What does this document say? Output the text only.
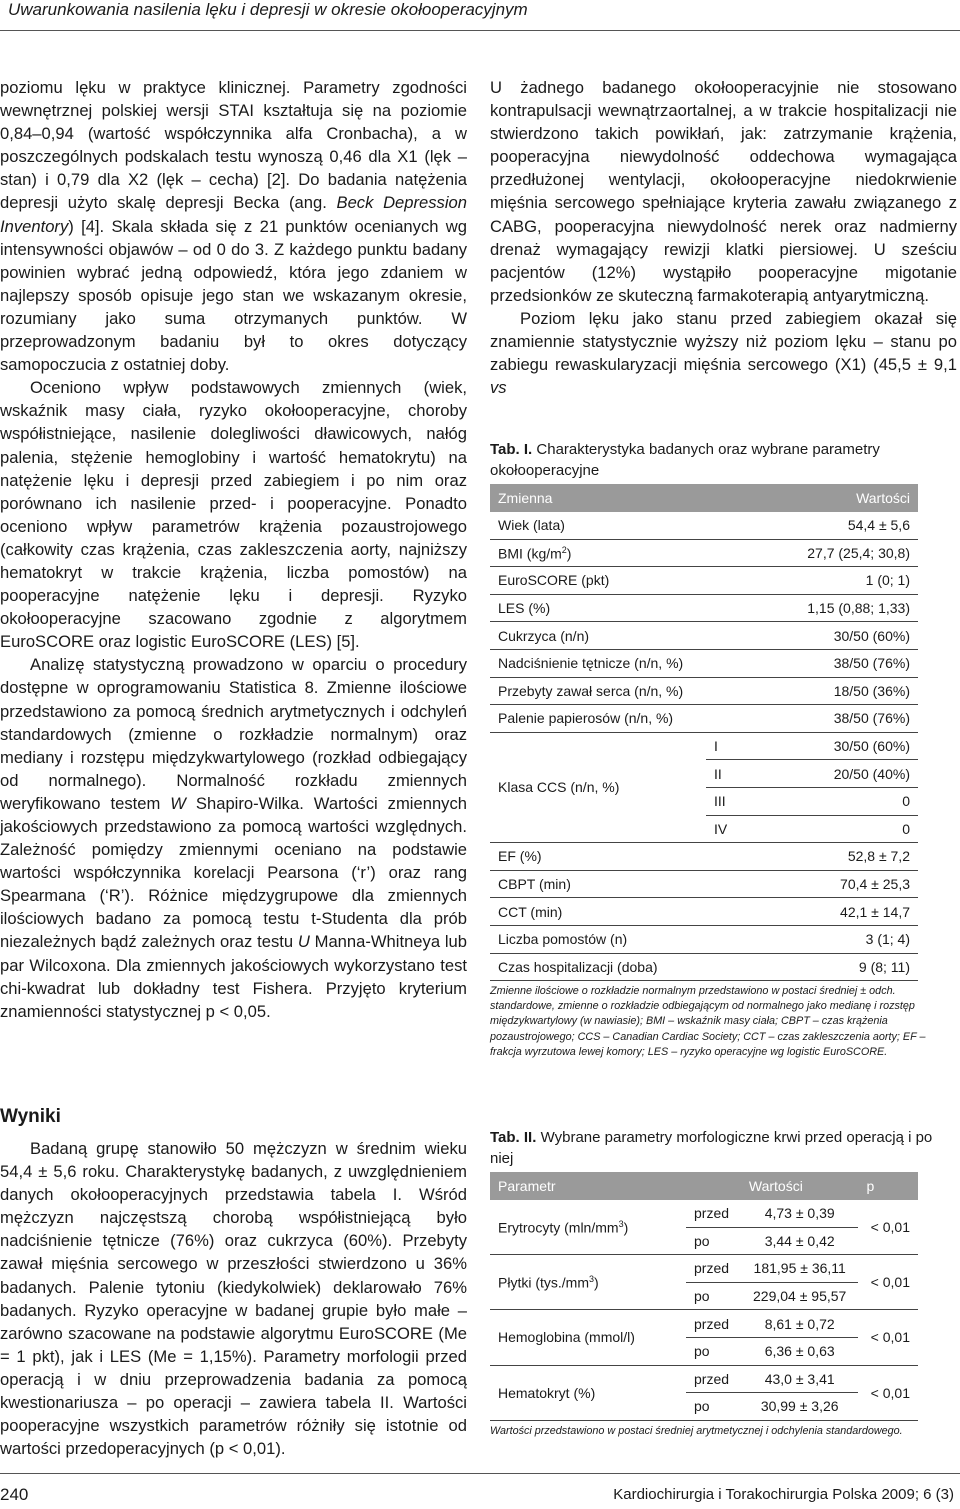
Uwarunkowania nasilenia lęku i depresji w okresie okołooperacyjnym

poziomu lęku w praktyce klinicznej. Parametry zgodności wewnętrznej polskiej wersji STAI kształtuja się na poziomie 0,84–0,94 (wartość współczynnika alfa Cronbacha), a w poszczególnych podskalach testu wynoszą 0,46 dla X1 (lęk – stan) i 0,79 dla X2 (lęk – cecha) [2]. Do badania natężenia depresji użyto skalę depresji Becka (ang. Beck Depression Inventory) [4]. Skala składa się z 21 punktów ocenianych wg intensywności objawów – od 0 do 3. Z każdego punktu badany powinien wybrać jedną odpowiedź, która jego zdaniem w najlepszy sposób opisuje jego stan we wskazanym okresie, rozumiany jako suma otrzymanych punktów. W przeprowadzonym badaniu był to okres dotyczący samopoczucia z ostatniej doby.

Oceniono wpływ podstawowych zmiennych (wiek, wskaźnik masy ciała, ryzyko okołooperacyjne, choroby współistniejące, nasilenie dolegliwości dławicowych, nałóg palenia, stężenie hemoglobiny i wartość hematokrytu) na natężenie lęku i depresji przed zabiegiem i po nim oraz porównano ich nasilenie przed- i pooperacyjne. Ponadto oceniono wpływ parametrów krążenia pozaustrojowego (całkowity czas krążenia, czas zakleszczenia aorty, najniższy hematokryt w trakcie krążenia, liczba pomostów) na pooperacyjne natężenie lęku i depresji. Ryzyko okołooperacyjne szacowano zgodnie z algorytmem EuroSCORE oraz logistic EuroSCORE (LES) [5].

Analizę statystyczną prowadzono w oparciu o procedury dostępne w oprogramowaniu Statistica 8. Zmienne ilościowe przedstawiono za pomocą średnich arytmetycznych i odchyleń standardowych (zmienne o rozkładzie normalnym) oraz mediany i rozstępu międzykwartylowego (rozkład odbiegający od normalnego). Normalność rozkładu zmiennych weryfikowano testem W Shapiro-Wilka. Wartości zmiennych jakościowych przedstawiono za pomocą wartości względnych. Zależność pomiędzy zmiennymi oceniano na podstawie wartości współczynnika korelacji Pearsona (‘r’) oraz rang Spearmana (‘R’). Różnice międzygrupowe dla zmiennych ilościowych badano za pomocą testu t-Studenta dla prób niezależnych bądź zależnych oraz testu U Manna-Whitneya lub par Wilcoxona. Dla zmiennych jakościowych wykorzystano test chi-kwadrat lub dokładny test Fishera. Przyjęto kryterium znamienności statystycznej p < 0,05.

Wyniki

Badaną grupę stanowiło 50 mężczyzn w średnim wieku 54,4 ± 5,6 roku. Charakterystykę badanych, z uwzględnieniem danych okołooperacyjnych przedstawia tabela I. Wśród mężczyzn najczęstszą chorobą współistniejącą było nadciśnienie tętnicze (76%) oraz cukrzyca (60%). Przebyty zawał mięśnia sercowego w przeszłości stwierdzono u 36% badanych. Palenie tytoniu (kiedykolwiek) deklarowało 76% badanych. Ryzyko operacyjne w badanej grupie było małe – zarówno szacowane na podstawie algorytmu EuroSCORE (Me = 1 pkt), jak i LES (Me = 1,15%). Parametry morfologii przed operacją i w dniu przeprowadzenia badania za pomocą kwestionariusza – po operacji – zawiera tabela II. Wartości pooperacyjne wszystkich parametrów różniły się istotnie od wartości przedoperacyjnych (p < 0,01).

U żadnego badanego okołooperacyjnie nie stosowano kontrapulsacji wewnątrzaortalnej, a w trakcie hospitalizacji nie stwierdzono takich powikłań, jak: zatrzymanie krążenia, pooperacyjna niewydolność oddechowa wymagająca przedłużonej wentylacji, okołooperacyjne niedokrwienie mięśnia sercowego spełniające kryteria zawału związanego z CABG, pooperacyjna niewydolność nerek oraz nadmierny drenaż wymagający rewizji klatki piersiowej. U sześciu pacjentów (12%) wystąpiło pooperacyjne migotanie przedsionków ze skuteczną farmakoterapią antyarytmiczną.

Poziom lęku jako stanu przed zabiegiem okazał się znamiennie statystycznie wyższy niż poziom lęku – stanu po zabiegu rewaskularyzacji mięśnia sercowego (X1) (45,5 ± 9,1 vs

Tab. I. Charakterystyka badanych oraz wybrane parametry okołooperacyjne
Zmienna		Wartości
Wiek (lata)		54,4 ± 5,6
BMI $(kg/m^2)$		27,7 (25,4; 30,8)
EuroSCORE (pkt)		1 (0; 1)
LES (%)		1,15 (0,88; 1,33)
Cukrzyca (n/n)		30/50 (60%)
Nadciśnienie tętnicze (n/n, %)		38/50 (76%)
Przebyty zawał serca (n/n, %)		18/50 (36%)
Palenie papierosów (n/n, %)		38/50 (76%)
Klasa CCS (n/n, %)	I	30/50 (60%)
	II	20/50 (40%)
	III	0
	IV	0
EF (%)		52,8 ± 7,2
CBPT (min)		70,4 ± 25,3
CCT (min)		42,1 ± 14,7
Liczba pomostów (n)		3 (1; 4)
Czas hospitalizacji (doba)		9 (8; 11)
Zmienne ilościowe o rozkładzie normalnym przedstawiono w postaci średniej ± odch. standardowe, zmienne o rozkładzie odbiegającym od normalnego jako medianę i rozstęp międzykwartylowy (w nawiasie); BMI – wskaźnik masy ciała; CBPT – czas krążenia pozaustrojowego; CCS – Canadian Cardiac Society; CCT – czas zakleszczenia aorty; EF – frakcja wyrzutowa lewej komory; LES – ryzyko operacyjne wg logistic EuroSCORE.
Tab. II. Wybrane parametry morfologiczne krwi przed operacją i po niej
Parametr		Wartości	p
Erytrocyty $(mln/mm^3)$	przed	4,73 ± 0,39	< 0,01
	po	3,44 ± 0,42	
Płytki $(tys./mm^3)$	przed	181,95 ± 36,11	< 0,01
	po	229,04 ± 95,57	
Hemoglobina (mmol/l)	przed	8,61 ± 0,72	< 0,01
	po	6,36 ± 0,63	
Hematokryt (%)	przed	43,0 ± 3,41	< 0,01
	po	30,99 ± 3,26	
Wartości przedstawiono w postaci średniej arytmetycznej i odchylenia standardowego.
240	Kardiochirurgia i Torakochirurgia Polska 2009; 6 (3)
